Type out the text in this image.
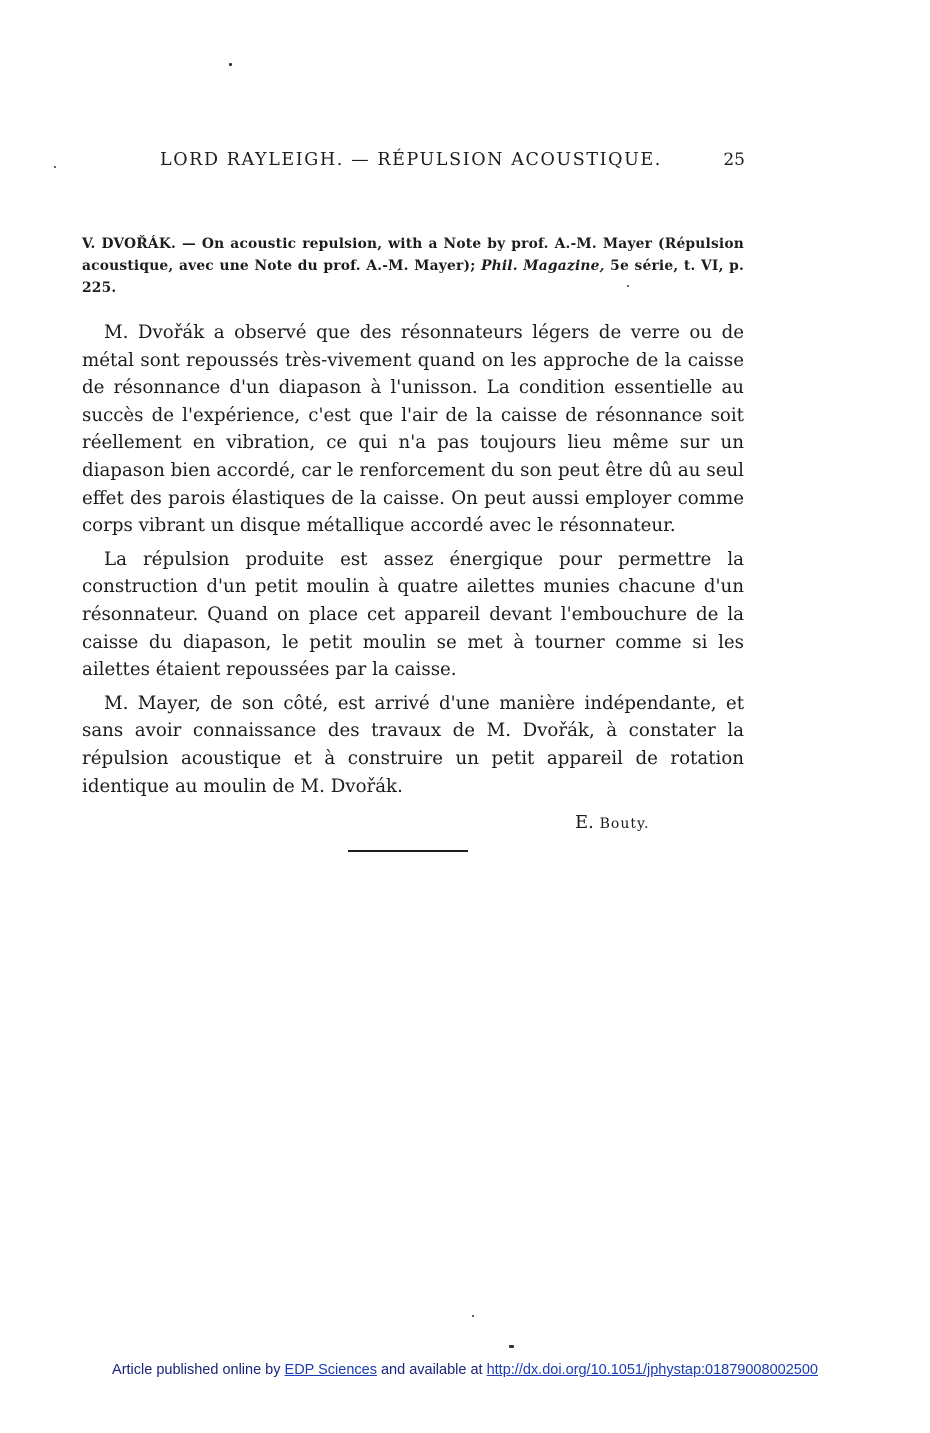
LORD RAYLEIGH. — RÉPULSION ACOUSTIQUE.	25
V. DVOŘÁK. — On acoustic repulsion, with a Note by prof. A.-M. Mayer (Répulsion acoustique, avec une Note du prof. A.-M. Mayer); Phil. Magazine, 5e série, t. VI, p. 225.

M. Dvořák a observé que des résonnateurs légers de verre ou de métal sont repoussés très-vivement quand on les approche de la caisse de résonnance d'un diapason à l'unisson. La condition essentielle au succès de l'expérience, c'est que l'air de la caisse de résonnance soit réellement en vibration, ce qui n'a pas toujours lieu même sur un diapason bien accordé, car le renforcement du son peut être dû au seul effet des parois élastiques de la caisse. On peut aussi employer comme corps vibrant un disque métallique accordé avec le résonnateur.

La répulsion produite est assez énergique pour permettre la construction d'un petit moulin à quatre ailettes munies chacune d'un résonnateur. Quand on place cet appareil devant l'embouchure de la caisse du diapason, le petit moulin se met à tourner comme si les ailettes étaient repoussées par la caisse.

M. Mayer, de son côté, est arrivé d'une manière indépendante, et sans avoir connaissance des travaux de M. Dvořák, à constater la répulsion acoustique et à construire un petit appareil de rotation identique au moulin de M. Dvořák.

E. Bouty.
Article published online by EDP Sciences and available at http://dx.doi.org/10.1051/jphystap:01879008002500
